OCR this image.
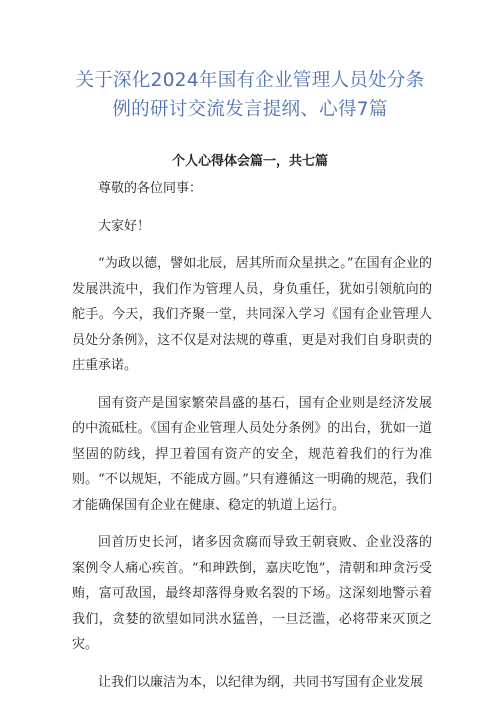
关于深化2024年国有企业管理人员处分条
例的研讨交流发言提纲、心得7篇
个人心得体会篇一，共七篇

尊敬的各位同事：

大家好！

“为政以德，譬如北辰，居其所而众星拱之。”在国有企业的发展洪流中，我们作为管理人员，身负重任，犹如引领航向的舵手。今天，我们齐聚一堂，共同深入学习《国有企业管理人员处分条例》，这不仅是对法规的尊重，更是对我们自身职责的庄重承诺。

国有资产是国家繁荣昌盛的基石，国有企业则是经济发展的中流砥柱。《国有企业管理人员处分条例》的出台，犹如一道坚固的防线，捍卫着国有资产的安全，规范着我们的行为准则。“不以规矩，不能成方圆。”只有遵循这一明确的规范，我们才能确保国有企业在健康、稳定的轨道上运行。

回首历史长河，诸多因贪腐而导致王朝衰败、企业没落的案例令人痛心疾首。“和珅跌倒，嘉庆吃饱”，清朝和珅贪污受贿，富可敌国，最终却落得身败名裂的下场。这深刻地警示着我们，贪婪的欲望如同洪水猛兽，一旦泛滥，必将带来灭顶之灾。

让我们以廉洁为本，以纪律为纲，共同书写国有企业发展
